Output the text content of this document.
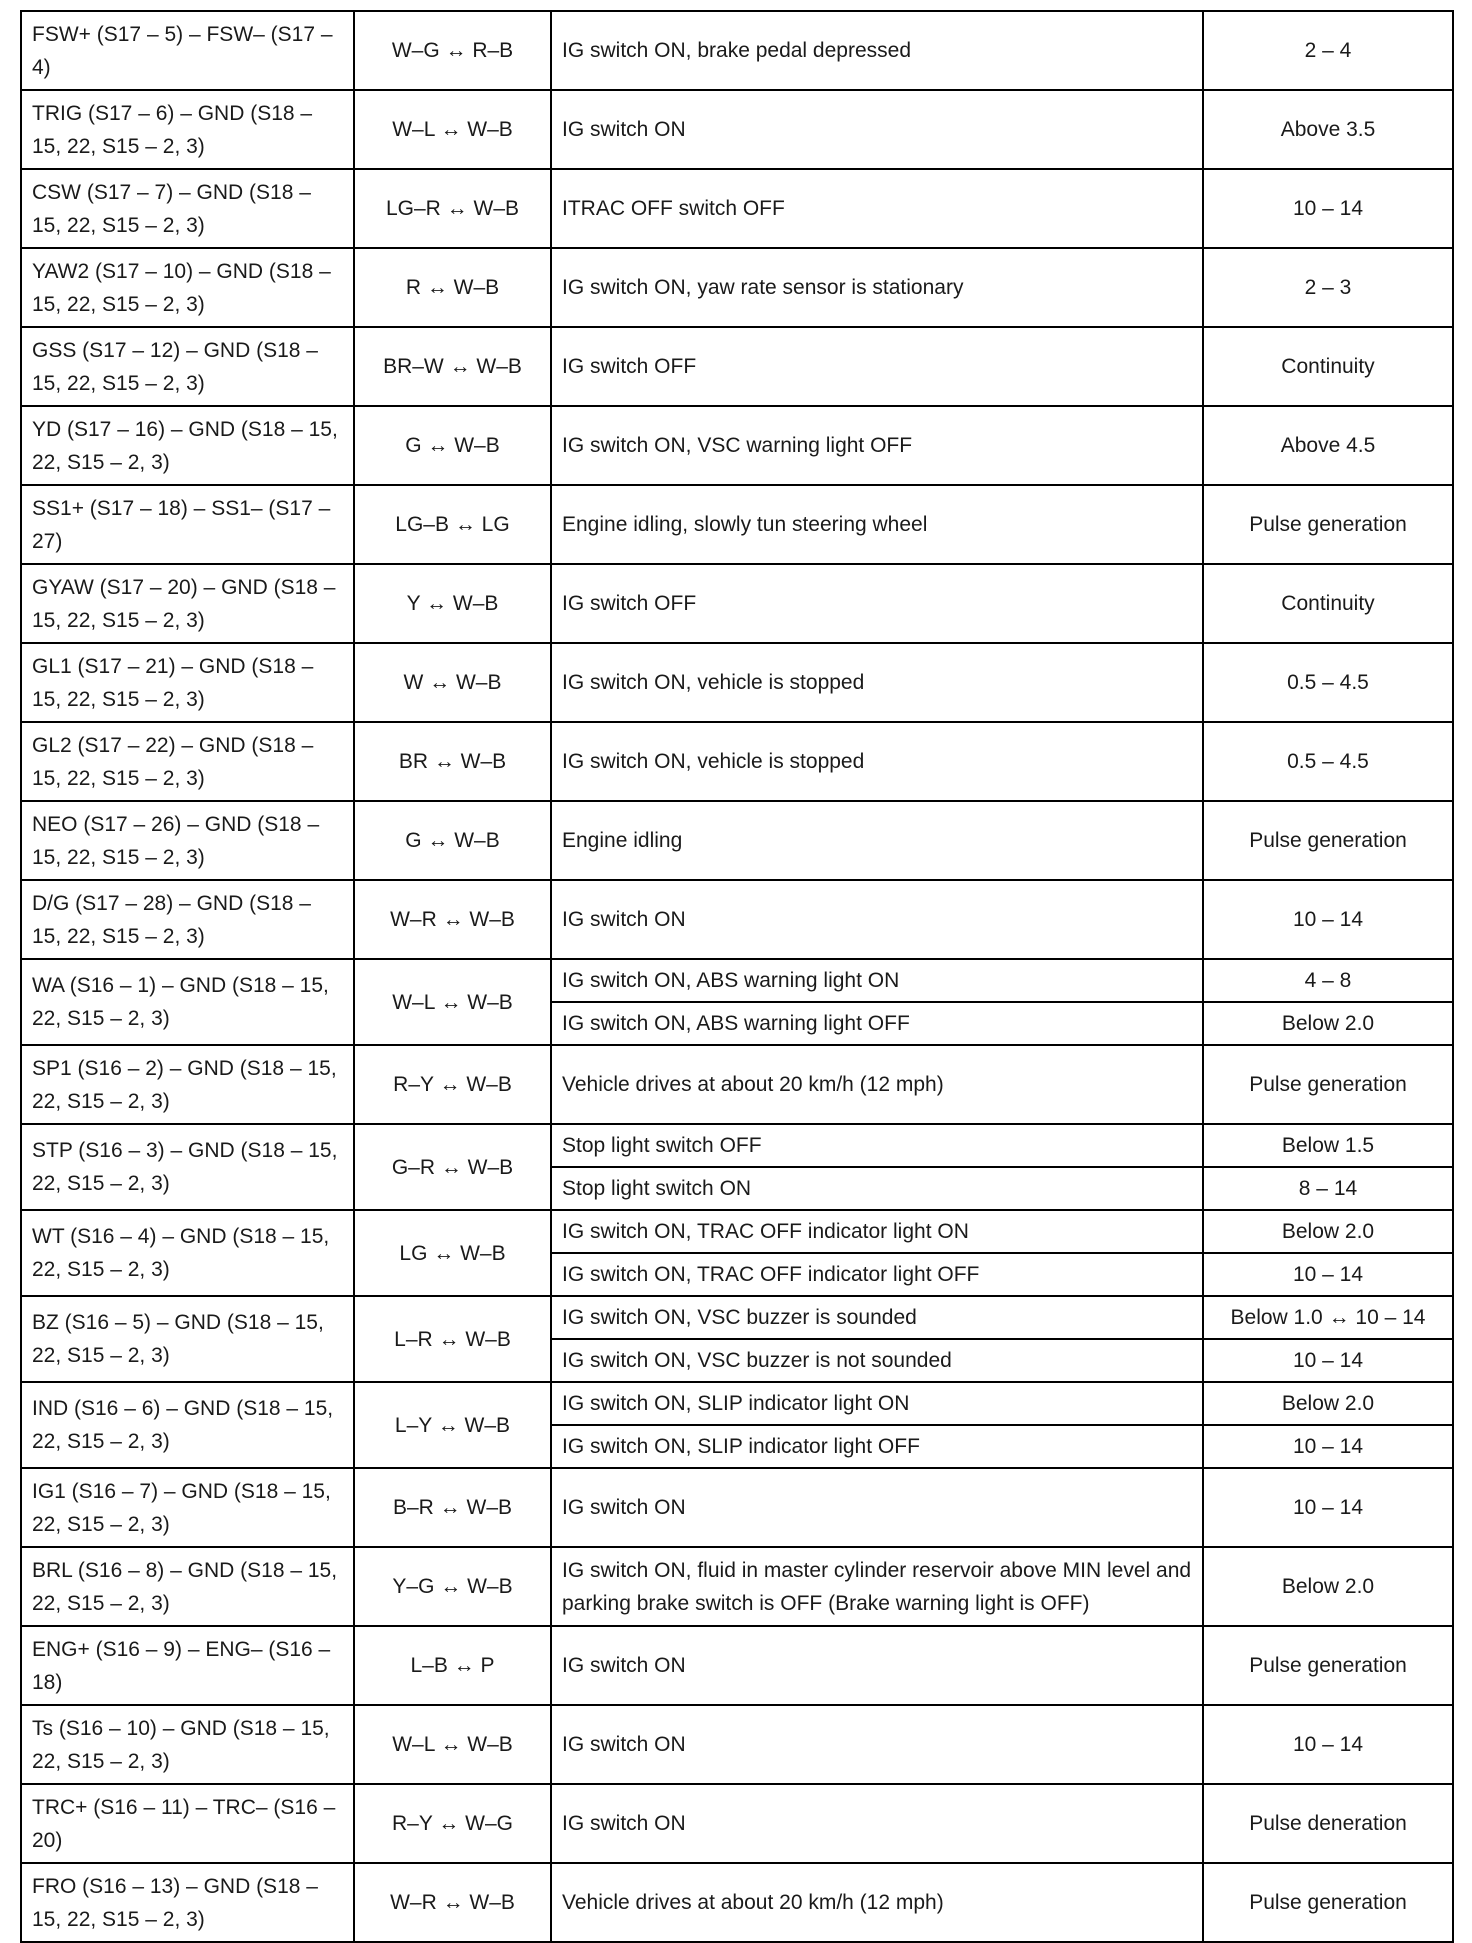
FSW+ (S17 – 5) – FSW– (S17 – 4)	W–G ↔ R–B	IG switch ON, brake pedal depressed	2 – 4
TRIG (S17 – 6) – GND (S18 – 15, 22, S15 – 2, 3)	W–L ↔ W–B	IG switch ON	Above 3.5
CSW (S17 – 7) – GND (S18 – 15, 22, S15 – 2, 3)	LG–R ↔ W–B	ITRAC OFF switch OFF	10 – 14
YAW2 (S17 – 10) – GND (S18 – 15, 22, S15 – 2, 3)	R ↔ W–B	IG switch ON, yaw rate sensor is stationary	2 – 3
GSS (S17 – 12) – GND (S18 – 15, 22, S15 – 2, 3)	BR–W ↔ W–B	IG switch OFF	Continuity
YD (S17 – 16) – GND (S18 – 15, 22, S15 – 2, 3)	G ↔ W–B	IG switch ON, VSC warning light OFF	Above 4.5
SS1+ (S17 – 18) – SS1– (S17 – 27)	LG–B ↔ LG	Engine idling, slowly tun steering wheel	Pulse generation
GYAW (S17 – 20) – GND (S18 – 15, 22, S15 – 2, 3)	Y ↔ W–B	IG switch OFF	Continuity
GL1 (S17 – 21) – GND (S18 – 15, 22, S15 – 2, 3)	W ↔ W–B	IG switch ON, vehicle is stopped	0.5 – 4.5
GL2 (S17 – 22) – GND (S18 – 15, 22, S15 – 2, 3)	BR ↔ W–B	IG switch ON, vehicle is stopped	0.5 – 4.5
NEO (S17 – 26) – GND (S18 – 15, 22, S15 – 2, 3)	G ↔ W–B	Engine idling	Pulse generation
D/G (S17 – 28) – GND (S18 – 15, 22, S15 – 2, 3)	W–R ↔ W–B	IG switch ON	10 – 14
WA (S16 – 1) – GND (S18 – 15, 22, S15 – 2, 3)	W–L ↔ W–B	IG switch ON, ABS warning light ON	4 – 8
		IG switch ON, ABS warning light OFF	Below 2.0
SP1 (S16 – 2) – GND (S18 – 15, 22, S15 – 2, 3)	R–Y ↔ W–B	Vehicle drives at about 20 km/h (12 mph)	Pulse generation
STP (S16 – 3) – GND (S18 – 15, 22, S15 – 2, 3)	G–R ↔ W–B	Stop light switch OFF	Below 1.5
		Stop light switch ON	8 – 14
WT (S16 – 4) – GND (S18 – 15, 22, S15 – 2, 3)	LG ↔ W–B	IG switch ON, TRAC OFF indicator light ON	Below 2.0
		IG switch ON, TRAC OFF indicator light OFF	10 – 14
BZ (S16 – 5) – GND (S18 – 15, 22, S15 – 2, 3)	L–R ↔ W–B	IG switch ON, VSC buzzer is sounded	Below 1.0 ↔ 10 – 14
		IG switch ON, VSC buzzer is not sounded	10 – 14
IND (S16 – 6) – GND (S18 – 15, 22, S15 – 2, 3)	L–Y ↔ W–B	IG switch ON, SLIP indicator light ON	Below 2.0
		IG switch ON, SLIP indicator light OFF	10 – 14
IG1 (S16 – 7) – GND (S18 – 15, 22, S15 – 2, 3)	B–R ↔ W–B	IG switch ON	10 – 14
BRL (S16 – 8) – GND (S18 – 15, 22, S15 – 2, 3)	Y–G ↔ W–B	IG switch ON, fluid in master cylinder reservoir above MIN level and parking brake switch is OFF (Brake warning light is OFF)	Below 2.0
ENG+ (S16 – 9) – ENG– (S16 – 18)	L–B ↔ P	IG switch ON	Pulse generation
Ts (S16 – 10) – GND (S18 – 15, 22, S15 – 2, 3)	W–L ↔ W–B	IG switch ON	10 – 14
TRC+ (S16 – 11) – TRC– (S16 – 20)	R–Y ↔ W–G	IG switch ON	Pulse deneration
FRO (S16 – 13) – GND (S18 – 15, 22, S15 – 2, 3)	W–R ↔ W–B	Vehicle drives at about 20 km/h (12 mph)	Pulse generation
